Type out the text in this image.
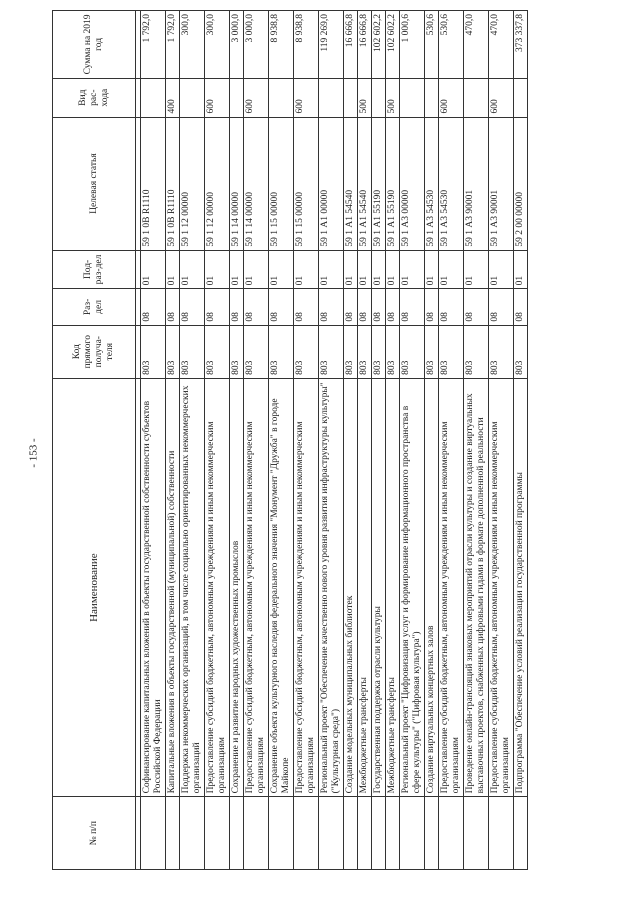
- 153 -
№ п/п	Наименование	Код прямого получа-теля	Раз-дел	Под-раз-дел	Целевая статья	Вид рас-хода	Сумма на 2019 год

	Софинансирование капитальных вложений в объекты государственной собственности субъектов Российской Федерации	803	08	01	59 1 0В R1110		1 792,0
	Капитальные вложения в объекты государственной (муниципальной) собственности	803	08	01	59 1 0В R1110	400	1 792,0
	Поддержка некоммерческих организаций, в том числе социально ориентированных некоммерческих организаций	803	08	01	59 1 12 00000		300,0
	Предоставление субсидий бюджетным, автономным учреждениям и иным некоммерческим организациям	803	08	01	59 1 12 00000	600	300,0
	Сохранение и развитие народных художественных промыслов	803	08	01	59 1 14 00000		3 000,0
	Предоставление субсидий бюджетным, автономным учреждениям и иным некоммерческим организациям	803	08	01	59 1 14 00000	600	3 000,0
	Сохранение объекта культурного наследия федерального значения "Монумент "Дружба" в городе Майкопе	803	08	01	59 1 15 00000		8 938,8
	Предоставление субсидий бюджетным, автономным учреждениям и иным некоммерческим организациям	803	08	01	59 1 15 00000	600	8 938,8
	Региональный проект "Обеспечение качественно нового уровня развития инфраструктуры культуры" ("Культурная среда")	803	08	01	59 1 А1 00000		119 269,0
	Создание модельных муниципальных библиотек	803	08	01	59 1 А1 54540		16 666,8
	Межбюджетные трансферты	803	08	01	59 1 А1 54540	500	16 666,8
	Государственная поддержка отрасли культуры	803	08	01	59 1 А1 55190		102 602,2
	Межбюджетные трансферты	803	08	01	59 1 А1 55190	500	102 602,2
	Региональный проект "Цифровизация услуг и формирование информационного пространства в сфере культуры" ("Цифровая культура")	803	08	01	59 1 А3 00000		1 000,6
	Создание виртуальных концертных залов	803	08	01	59 1 А3 54530		530,6
	Предоставление субсидий бюджетным, автономным учреждениям и иным некоммерческим организациям	803	08	01	59 1 А3 54530	600	530,6
	Проведение онлайн-трансляций знаковых мероприятий отрасли культуры и создание виртуальных выставочных проектов, снабженных цифровыми гидами в формате дополненной реальности	803	08	01	59 1 А3 90001		470,0
	Предоставление субсидий бюджетным, автономным учреждениям и иным некоммерческим организациям	803	08	01	59 1 А3 90001	600	470,0
	Подпрограмма "Обеспечение условий реализации государственной программы	803	08	01	59 2 00 00000		373 337,8
